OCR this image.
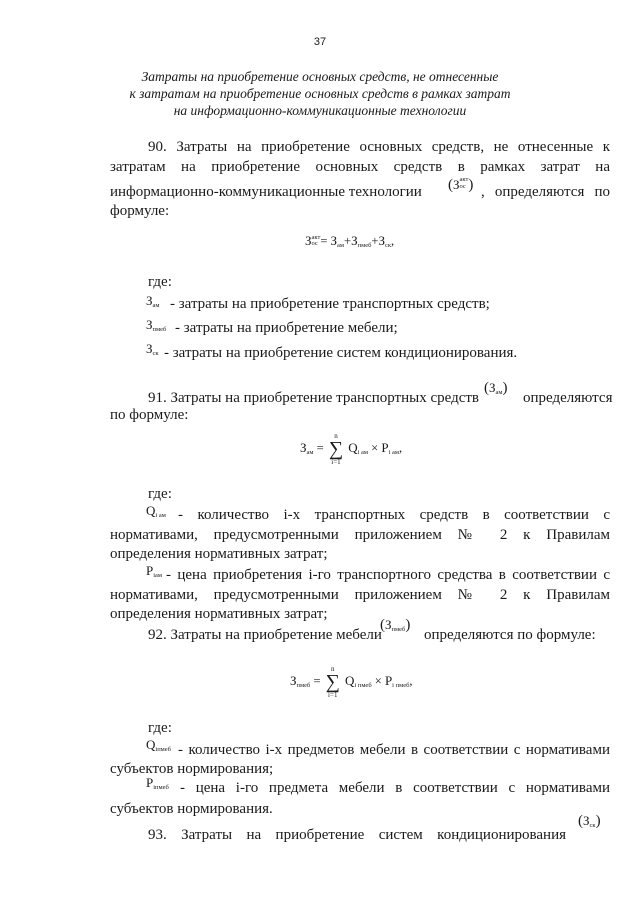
37
Затраты на приобретение основных средств, не отнесенные
к затратам на приобретение основных средств в рамках затрат
на информационно-коммуникационные технологии
90. Затраты на приобретение основных средств, не отнесенные к
затратам на приобретение основных средств в рамках затрат на
информационно-коммуникационные технологии (З акт
ос ) , определяются по
формуле:
З акт
ос = $З_{ам}+З_{пмеб}+З_{ск}$,
где:
$З_{ам}$ - затраты на приобретение транспортных средств;
$З_{пмеб}$ - затраты на приобретение мебели;
$З_{ск}$ - затраты на приобретение систем кондиционирования.
91. Затраты на приобретение транспортных средств
$(З_{ам})$
определяются
по формуле:
$З_{ам}$ =
n
∑
i=1
$Q_{i ам} \times P_{i ам}$,
где:
$Q_{i ам}$ - количество i-х транспортных средств в соответствии с
нормативами, предусмотренными приложением № 2 к Правилам
определения нормативных затрат;
$P_{iам}$ - цена приобретения i-го транспортного средства в соответствии с
нормативами, предусмотренными приложением № 2 к Правилам
определения нормативных затрат;
92. Затраты на приобретение мебели
$(З_{пмеб})$
определяются по формуле:
$З_{пмеб}$ =
n
∑
i=1
$Q_{i пмеб} \times P_{i пмеб}$,
где:
$Q_{iпмеб}$ - количество i-х предметов мебели в соответствии с нормативами
субъектов нормирования;
$P_{iпмеб}$ - цена i-го предмета мебели в соответствии с нормативами
субъектов нормирования.
93. Затраты на приобретение систем кондиционирования
$(З_{ск})$
